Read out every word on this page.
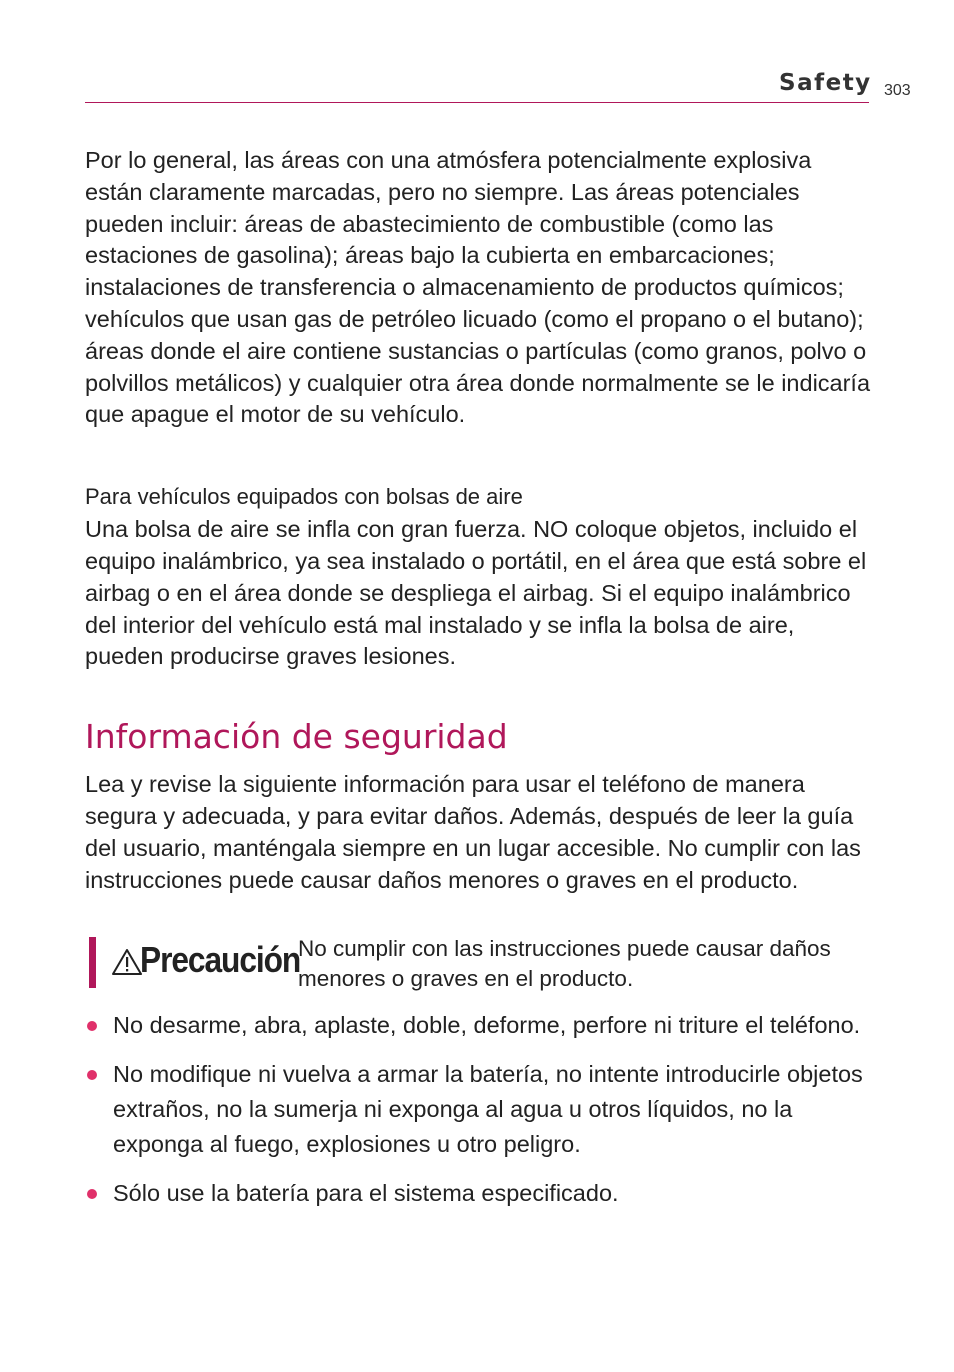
Safety 303

Por lo general, las áreas con una atmósfera potencialmente explosiva están claramente marcadas, pero no siempre. Las áreas potenciales pueden incluir: áreas de abastecimiento de combustible (como las estaciones de gasolina); áreas bajo la cubierta en embarcaciones; instalaciones de transferencia o almacenamiento de productos químicos; vehículos que usan gas de petróleo licuado (como el propano o el butano); áreas donde el aire contiene sustancias o partículas (como granos, polvo o polvillos metálicos) y cualquier otra área donde normalmente se le indicaría que apague el motor de su vehículo.

Para vehículos equipados con bolsas de aire

Una bolsa de aire se infla con gran fuerza. NO coloque objetos, incluido el equipo inalámbrico, ya sea instalado o portátil, en el área que está sobre el airbag o en el área donde se despliega el airbag. Si el equipo inalámbrico del interior del vehículo está mal instalado y se infla la bolsa de aire, pueden producirse graves lesiones.

Información de seguridad

Lea y revise la siguiente información para usar el teléfono de manera segura y adecuada, y para evitar daños. Además, después de leer la guía del usuario, manténgala siempre en un lugar accesible. No cumplir con las instrucciones puede causar daños menores o graves en el producto.

Precaución
No cumplir con las instrucciones puede causar daños menores o graves en el producto.
No desarme, abra, aplaste, doble, deforme, perfore ni triture el teléfono.
No modifique ni vuelva a armar la batería, no intente introducirle objetos extraños, no la sumerja ni exponga al agua u otros líquidos, no la exponga al fuego, explosiones u otro peligro.
Sólo use la batería para el sistema especificado.
